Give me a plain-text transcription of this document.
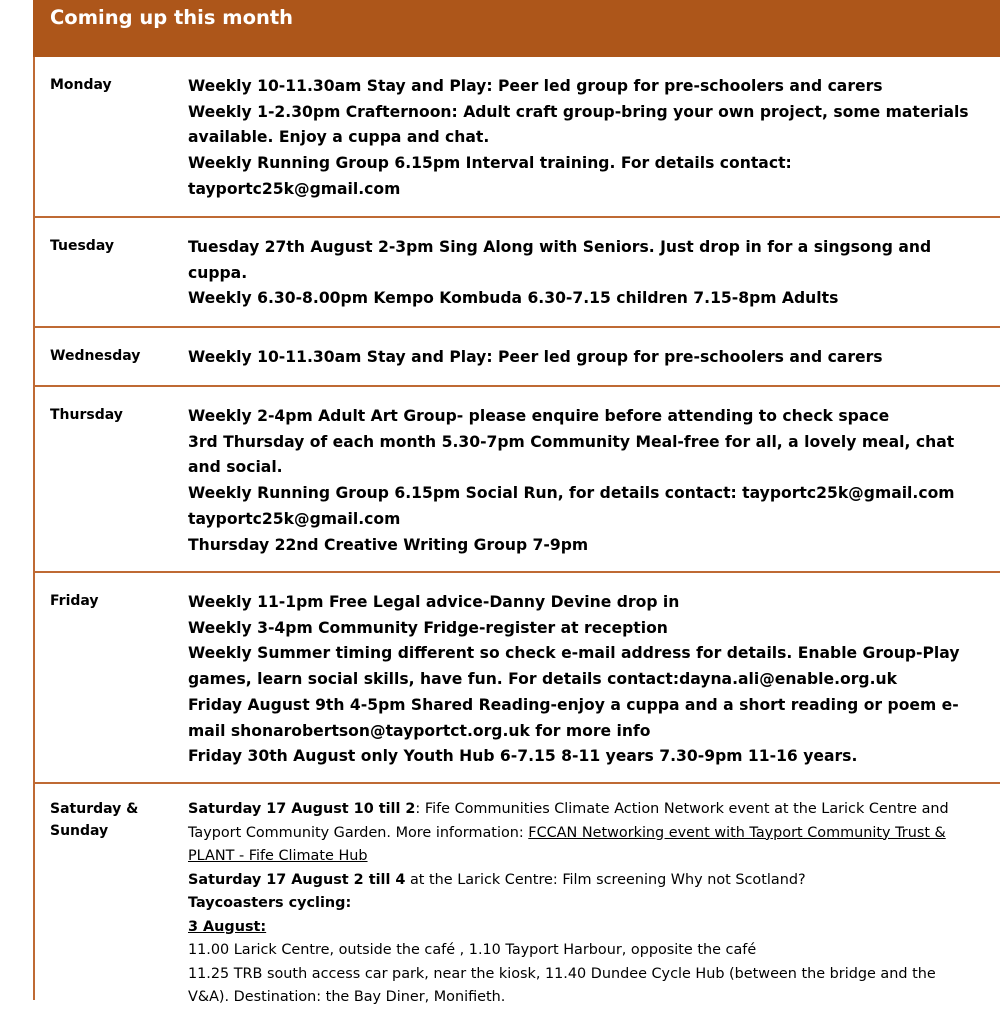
Coming up this month
Monday	Weekly 10-11.30am Stay and Play: Peer led group for pre-schoolers and carers

Weekly 1-2.30pm Crafternoon: Adult craft group-bring your own project, some materials

available. Enjoy a cuppa and chat.

Weekly Running Group 6.15pm Interval training. For details contact:

tayportc25k@gmail.com

Tuesday	Tuesday 27th August 2-3pm Sing Along with Seniors. Just drop in for a singsong and

cuppa.

Weekly 6.30-8.00pm Kempo Kombuda 6.30-7.15 children 7.15-8pm Adults

Wednesday	Weekly 10-11.30am Stay and Play: Peer led group for pre-schoolers and carers

Thursday	Weekly 2-4pm Adult Art Group- please enquire before attending to check space

3rd Thursday of each month 5.30-7pm Community Meal-free for all, a lovely meal, chat

and social.

Weekly Running Group 6.15pm Social Run, for details contact: tayportc25k@gmail.com

tayportc25k@gmail.com

Thursday 22nd Creative Writing Group 7-9pm

Friday	Weekly 11-1pm Free Legal advice-Danny Devine drop in

Weekly 3-4pm Community Fridge-register at reception

Weekly Summer timing different so check e-mail address for details. Enable Group-Play

games, learn social skills, have fun. For details contact:dayna.ali@enable.org.uk

Friday August 9th 4-5pm Shared Reading-enjoy a cuppa and a short reading or poem e-

mail shonarobertson@tayportct.org.uk for more info

Friday 30th August only Youth Hub 6-7.15 8-11 years 7.30-9pm 11-16 years.

Saturday &
Sunday

Saturday 17 August 10 till 2: Fife Communities Climate Action Network event at the Larick Centre and

Tayport Community Garden. More information: FCCAN Networking event with Tayport Community Trust &

PLANT - Fife Climate Hub

Saturday 17 August 2 till 4 at the Larick Centre: Film screening Why not Scotland?

Taycoasters cycling:

3 August:

11.00 Larick Centre, outside the café , 1.10 Tayport Harbour, opposite the café

11.25 TRB south access car park, near the kiosk, 11.40 Dundee Cycle Hub (between the bridge and the

V&A). Destination: the Bay Diner, Monifieth.
